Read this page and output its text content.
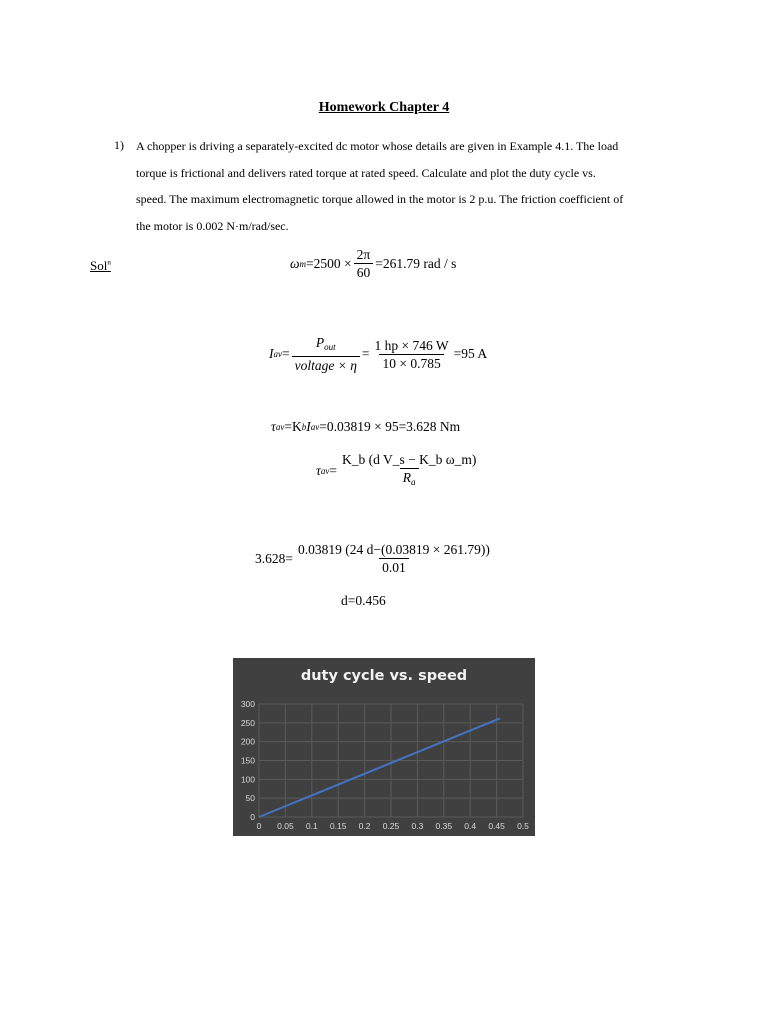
Homework Chapter 4
1) A chopper is driving a separately-excited dc motor whose details are given in Example 4.1. The load

torque is frictional and delivers rated torque at rated speed. Calculate and plot the duty cycle vs.

speed. The maximum electromagnetic torque allowed in the motor is 2 p.u. The friction coefficient of

the motor is 0.002 N·m/rad/sec.

Sol$^n$	ω $m =2500 \times \frac{2\pi}{60} =261.79$ rad / s
I av = $\frac{P_{out}}{\text{voltage × η}} = \frac{1 hp \times 746 W}{10 \times 0.785} =95$ A
τ av =K b I av =0.03819 × 95=3.628 Nm
τ av = $\frac{\text{K\_b (d V\_s − K\_b ω\_m)}}{R_a}$
$3.628= \frac{0.03819 (24 d-(0.03819 \times 261.79))}{0.01}$
d=0.456
duty cycle vs. speed
0
50
100
150
200
250
300
0 0.05 0.1 0.15 0.2 0.25 0.3 0.35 0.4 0.45 0.5
